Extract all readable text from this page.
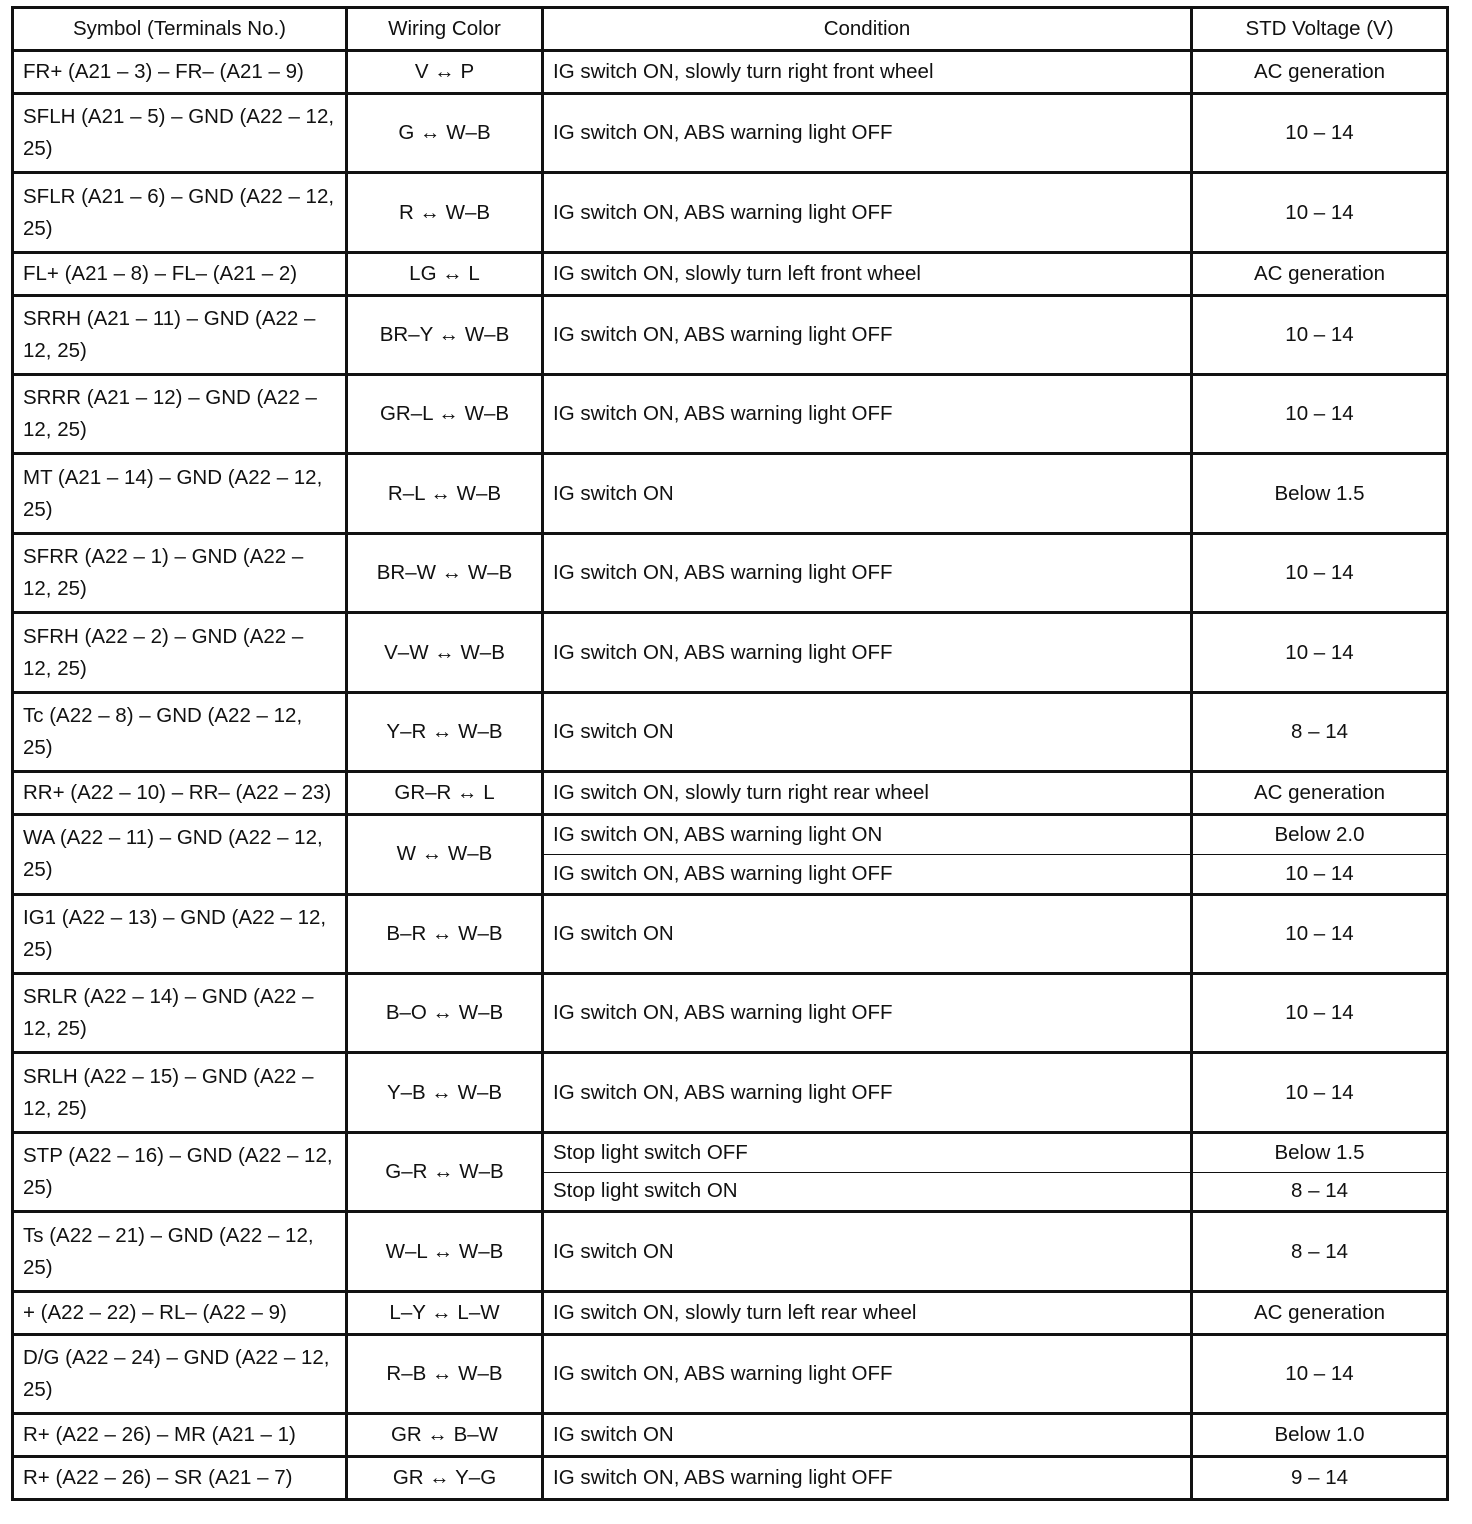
Symbol (Terminals No.)	Wiring Color	Condition	STD Voltage (V)
FR+ (A21 – 3) – FR– (A21 – 9)	V ↔ P	IG switch ON, slowly turn right front wheel	AC generation
SFLH (A21 – 5) – GND (A22 – 12, 25)	G ↔ W–B	IG switch ON, ABS warning light OFF	10 – 14
SFLR (A21 – 6) – GND (A22 – 12, 25)	R ↔ W–B	IG switch ON, ABS warning light OFF	10 – 14
FL+ (A21 – 8) – FL– (A21 – 2)	LG ↔ L	IG switch ON, slowly turn left front wheel	AC generation
SRRH (A21 – 11) – GND (A22 – 12, 25)	BR–Y ↔ W–B	IG switch ON, ABS warning light OFF	10 – 14
SRRR (A21 – 12) – GND (A22 – 12, 25)	GR–L ↔ W–B	IG switch ON, ABS warning light OFF	10 – 14
MT (A21 – 14) – GND (A22 – 12, 25)	R–L ↔ W–B	IG switch ON	Below 1.5
SFRR (A22 – 1) – GND (A22 – 12, 25)	BR–W ↔ W–B	IG switch ON, ABS warning light OFF	10 – 14
SFRH (A22 – 2) – GND (A22 – 12, 25)	V–W ↔ W–B	IG switch ON, ABS warning light OFF	10 – 14
Tc (A22 – 8) – GND (A22 – 12, 25)	Y–R ↔ W–B	IG switch ON	8 – 14
RR+ (A22 – 10) – RR– (A22 – 23)	GR–R ↔ L	IG switch ON, slowly turn right rear wheel	AC generation
WA (A22 – 11) – GND (A22 – 12, 25)	W ↔ W–B	IG switch ON, ABS warning light ON	Below 2.0
		IG switch ON, ABS warning light OFF	10 – 14
IG1 (A22 – 13) – GND (A22 – 12, 25)	B–R ↔ W–B	IG switch ON	10 – 14
SRLR (A22 – 14) – GND (A22 – 12, 25)	B–O ↔ W–B	IG switch ON, ABS warning light OFF	10 – 14
SRLH (A22 – 15) – GND (A22 – 12, 25)	Y–B ↔ W–B	IG switch ON, ABS warning light OFF	10 – 14
STP (A22 – 16) – GND (A22 – 12, 25)	G–R ↔ W–B	Stop light switch OFF	Below 1.5
		Stop light switch ON	8 – 14
Ts (A22 – 21) – GND (A22 – 12, 25)	W–L ↔ W–B	IG switch ON	8 – 14
+ (A22 – 22) – RL– (A22 – 9)	L–Y ↔ L–W	IG switch ON, slowly turn left rear wheel	AC generation
D/G (A22 – 24) – GND (A22 – 12, 25)	R–B ↔ W–B	IG switch ON, ABS warning light OFF	10 – 14
R+ (A22 – 26) – MR (A21 – 1)	GR ↔ B–W	IG switch ON	Below 1.0
R+ (A22 – 26) – SR (A21 – 7)	GR ↔ Y–G	IG switch ON, ABS warning light OFF	9 – 14
